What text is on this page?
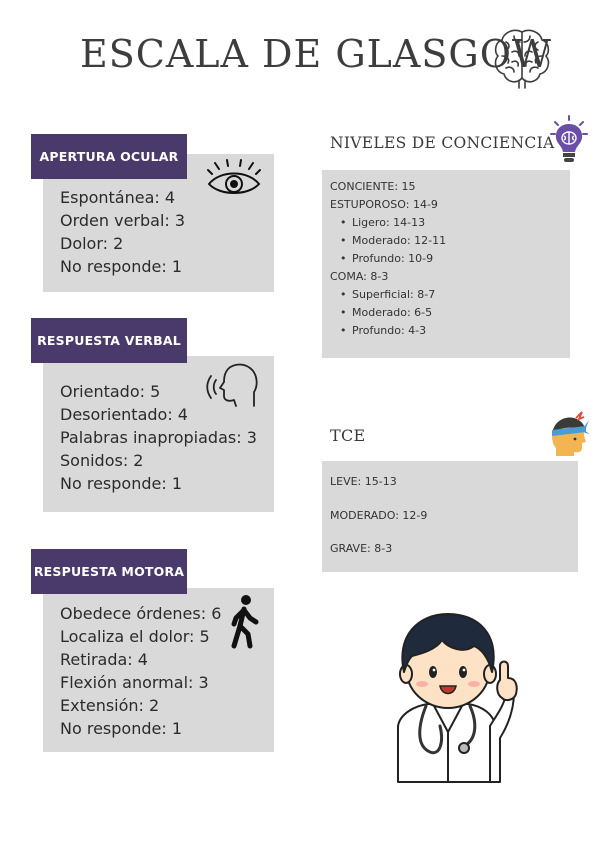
ESCALA DE GLASGOW
APERTURA OCULAR
Espontánea: 4
Orden verbal: 3
Dolor: 2
No responde: 1
RESPUESTA VERBAL
Orientado: 5
Desorientado: 4
Palabras inapropiadas: 3
Sonidos: 2
No responde: 1
RESPUESTA MOTORA
Obedece órdenes: 6
Localiza el dolor: 5
Retirada: 4
Flexión anormal: 3
Extensión: 2
No responde: 1
NIVELES DE CONCIENCIA
CONCIENTE: 15
ESTUPOROSO: 14-9
• Ligero: 14-13
• Moderado: 12-11
• Profundo: 10-9
COMA: 8-3
• Superficial: 8-7
• Moderado: 6-5
• Profundo: 4-3
TCE
LEVE: 15-13
MODERADO: 12-9
GRAVE: 8-3
